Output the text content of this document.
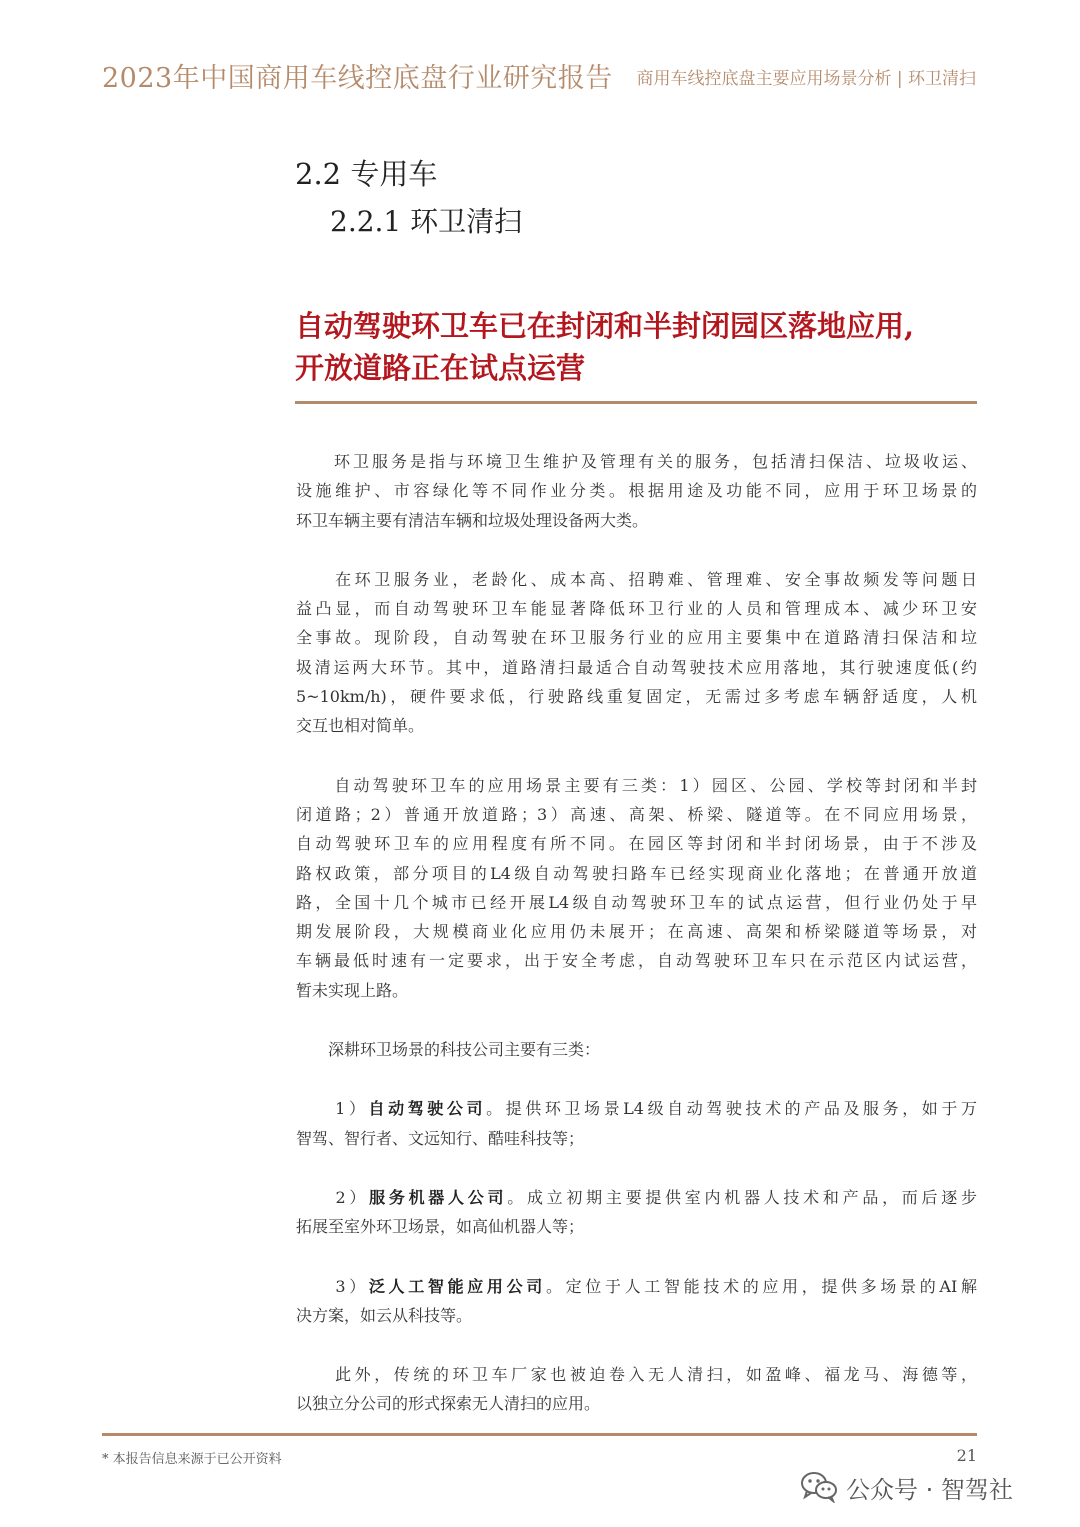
2023年中国商用车线控底盘行业研究报告 商用车线控底盘主要应用场景分析 | 环卫清扫
2.2 专用车
2.2.1 环卫清扫
自动驾驶环卫车已在封闭和半封闭园区落地应用,
开放道路正在试点运营
　　环卫服务是指与环境卫生维护及管理有关的服务，包括清扫保洁、垃圾收运、
设施维护、市容绿化等不同作业分类。根据用途及功能不同，应用于环卫场景的
环卫车辆主要有清洁车辆和垃圾处理设备两大类。
　　在环卫服务业，老龄化、成本高、招聘难、管理难、安全事故频发等问题日
益凸显，而自动驾驶环卫车能显著降低环卫行业的人员和管理成本、减少环卫安
全事故。现阶段，自动驾驶在环卫服务行业的应用主要集中在道路清扫保洁和垃
圾清运两大环节。其中，道路清扫最适合自动驾驶技术应用落地，其行驶速度低(约
5~10km/h)，硬件要求低，行驶路线重复固定，无需过多考虑车辆舒适度，人机
交互也相对简单。
　　自动驾驶环卫车的应用场景主要有三类：1）园区、公园、学校等封闭和半封
闭道路；2）普通开放道路；3）高速、高架、桥梁、隧道等。在不同应用场景，
自动驾驶环卫车的应用程度有所不同。在园区等封闭和半封闭场景，由于不涉及
路权政策，部分项目的L4级自动驾驶扫路车已经实现商业化落地；在普通开放道
路，全国十几个城市已经开展L4级自动驾驶环卫车的试点运营，但行业仍处于早
期发展阶段，大规模商业化应用仍未展开；在高速、高架和桥梁隧道等场景，对
车辆最低时速有一定要求，出于安全考虑，自动驾驶环卫车只在示范区内试运营，
暂未实现上路。
　　深耕环卫场景的科技公司主要有三类：
　　1）自动驾驶公司。提供环卫场景L4级自动驾驶技术的产品及服务，如于万
智驾、智行者、文远知行、酷哇科技等；
　　2）服务机器人公司。成立初期主要提供室内机器人技术和产品，而后逐步
拓展至室外环卫场景，如高仙机器人等；
　　3）泛人工智能应用公司。定位于人工智能技术的应用，提供多场景的AI解
决方案，如云从科技等。
　　此外，传统的环卫车厂家也被迫卷入无人清扫，如盈峰、福龙马、海德等，
以独立分公司的形式探索无人清扫的应用。
* 本报告信息来源于已公开资料	21
公众号 · 智驾社
